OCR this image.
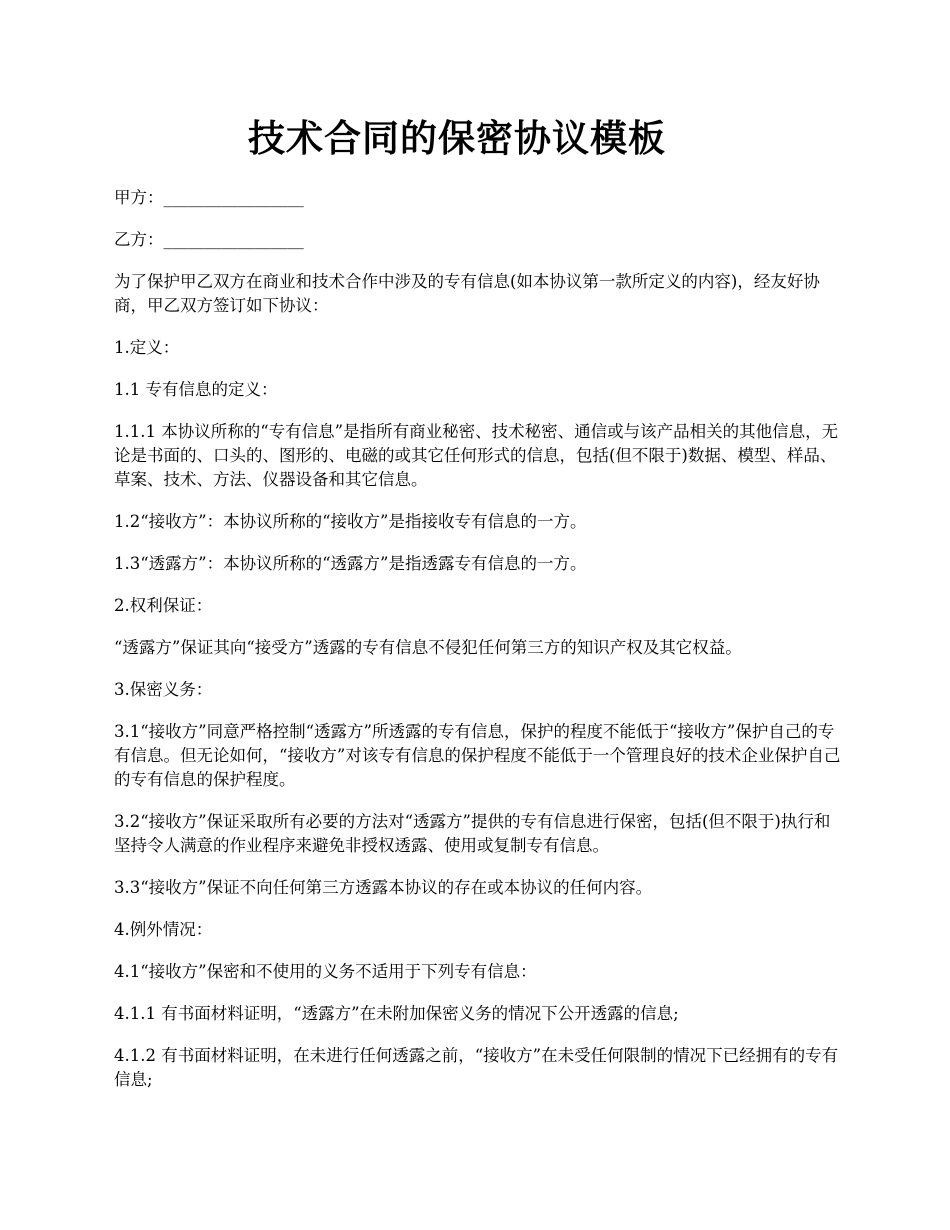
技术合同的保密协议模板

甲方：_________________

乙方：_________________

为了保护甲乙双方在商业和技术合作中涉及的专有信息(如本协议第一款所定义的内容)，经友好协商，甲乙双方签订如下协议：

1.定义：

1.1 专有信息的定义：

1.1.1 本协议所称的“专有信息”是指所有商业秘密、技术秘密、通信或与该产品相关的其他信息，无论是书面的、口头的、图形的、电磁的或其它任何形式的信息，包括(但不限于)数据、模型、样品、草案、技术、方法、仪器设备和其它信息。

1.2“接收方”：本协议所称的“接收方”是指接收专有信息的一方。

1.3“透露方”：本协议所称的“透露方”是指透露专有信息的一方。

2.权利保证：

“透露方”保证其向“接受方”透露的专有信息不侵犯任何第三方的知识产权及其它权益。

3.保密义务：

3.1“接收方”同意严格控制“透露方”所透露的专有信息，保护的程度不能低于“接收方”保护自己的专有信息。但无论如何，“接收方”对该专有信息的保护程度不能低于一个管理良好的技术企业保护自己的专有信息的保护程度。

3.2“接收方”保证采取所有必要的方法对“透露方”提供的专有信息进行保密，包括(但不限于)执行和坚持令人满意的作业程序来避免非授权透露、使用或复制专有信息。

3.3“接收方”保证不向任何第三方透露本协议的存在或本协议的任何内容。

4.例外情况：

4.1“接收方”保密和不使用的义务不适用于下列专有信息：

4.1.1 有书面材料证明，“透露方”在未附加保密义务的情况下公开透露的信息;

4.1.2 有书面材料证明，在未进行任何透露之前，“接收方”在未受任何限制的情况下已经拥有的专有信息;
